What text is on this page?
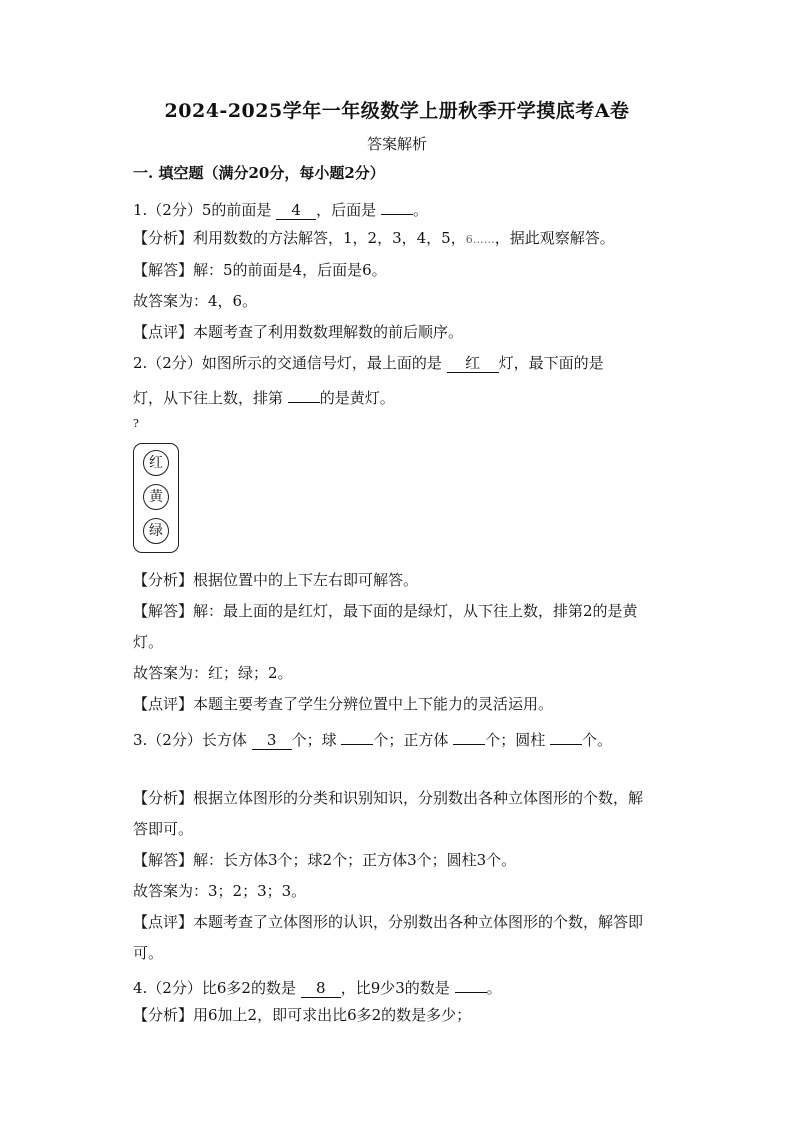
2024-2025学年一年级数学上册秋季开学摸底考A卷
答案解析
一. 填空题（满分20分，每小题2分）
1.（2分）5的前面是 4 ，后面是 。
【分析】利用数数的方法解答，1，2，3，4，5，6……，据此观察解答。
【解答】解：5的前面是4，后面是6。
故答案为：4，6。
【点评】本题考查了利用数数理解数的前后顺序。
2.（2分）如图所示的交通信号灯，最上面的是 红 灯，最下面的是
灯，从下往上数，排第 的是黄灯。
?
红
黄
绿
【分析】根据位置中的上下左右即可解答。
【解答】解：最上面的是红灯，最下面的是绿灯，从下往上数，排第2的是黄
灯。
故答案为：红；绿；2。
【点评】本题主要考查了学生分辨位置中上下能力的灵活运用。
3.（2分）长方体 3 个；球 个；正方体 个；圆柱 个。
【分析】根据立体图形的分类和识别知识，分别数出各种立体图形的个数，解
答即可。
【解答】解：长方体3个；球2个；正方体3个；圆柱3个。
故答案为：3；2；3；3。
【点评】本题考查了立体图形的认识，分别数出各种立体图形的个数，解答即
可。
4.（2分）比6多2的数是 8 ，比9少3的数是 。
【分析】用6加上2，即可求出比6多2的数是多少；
